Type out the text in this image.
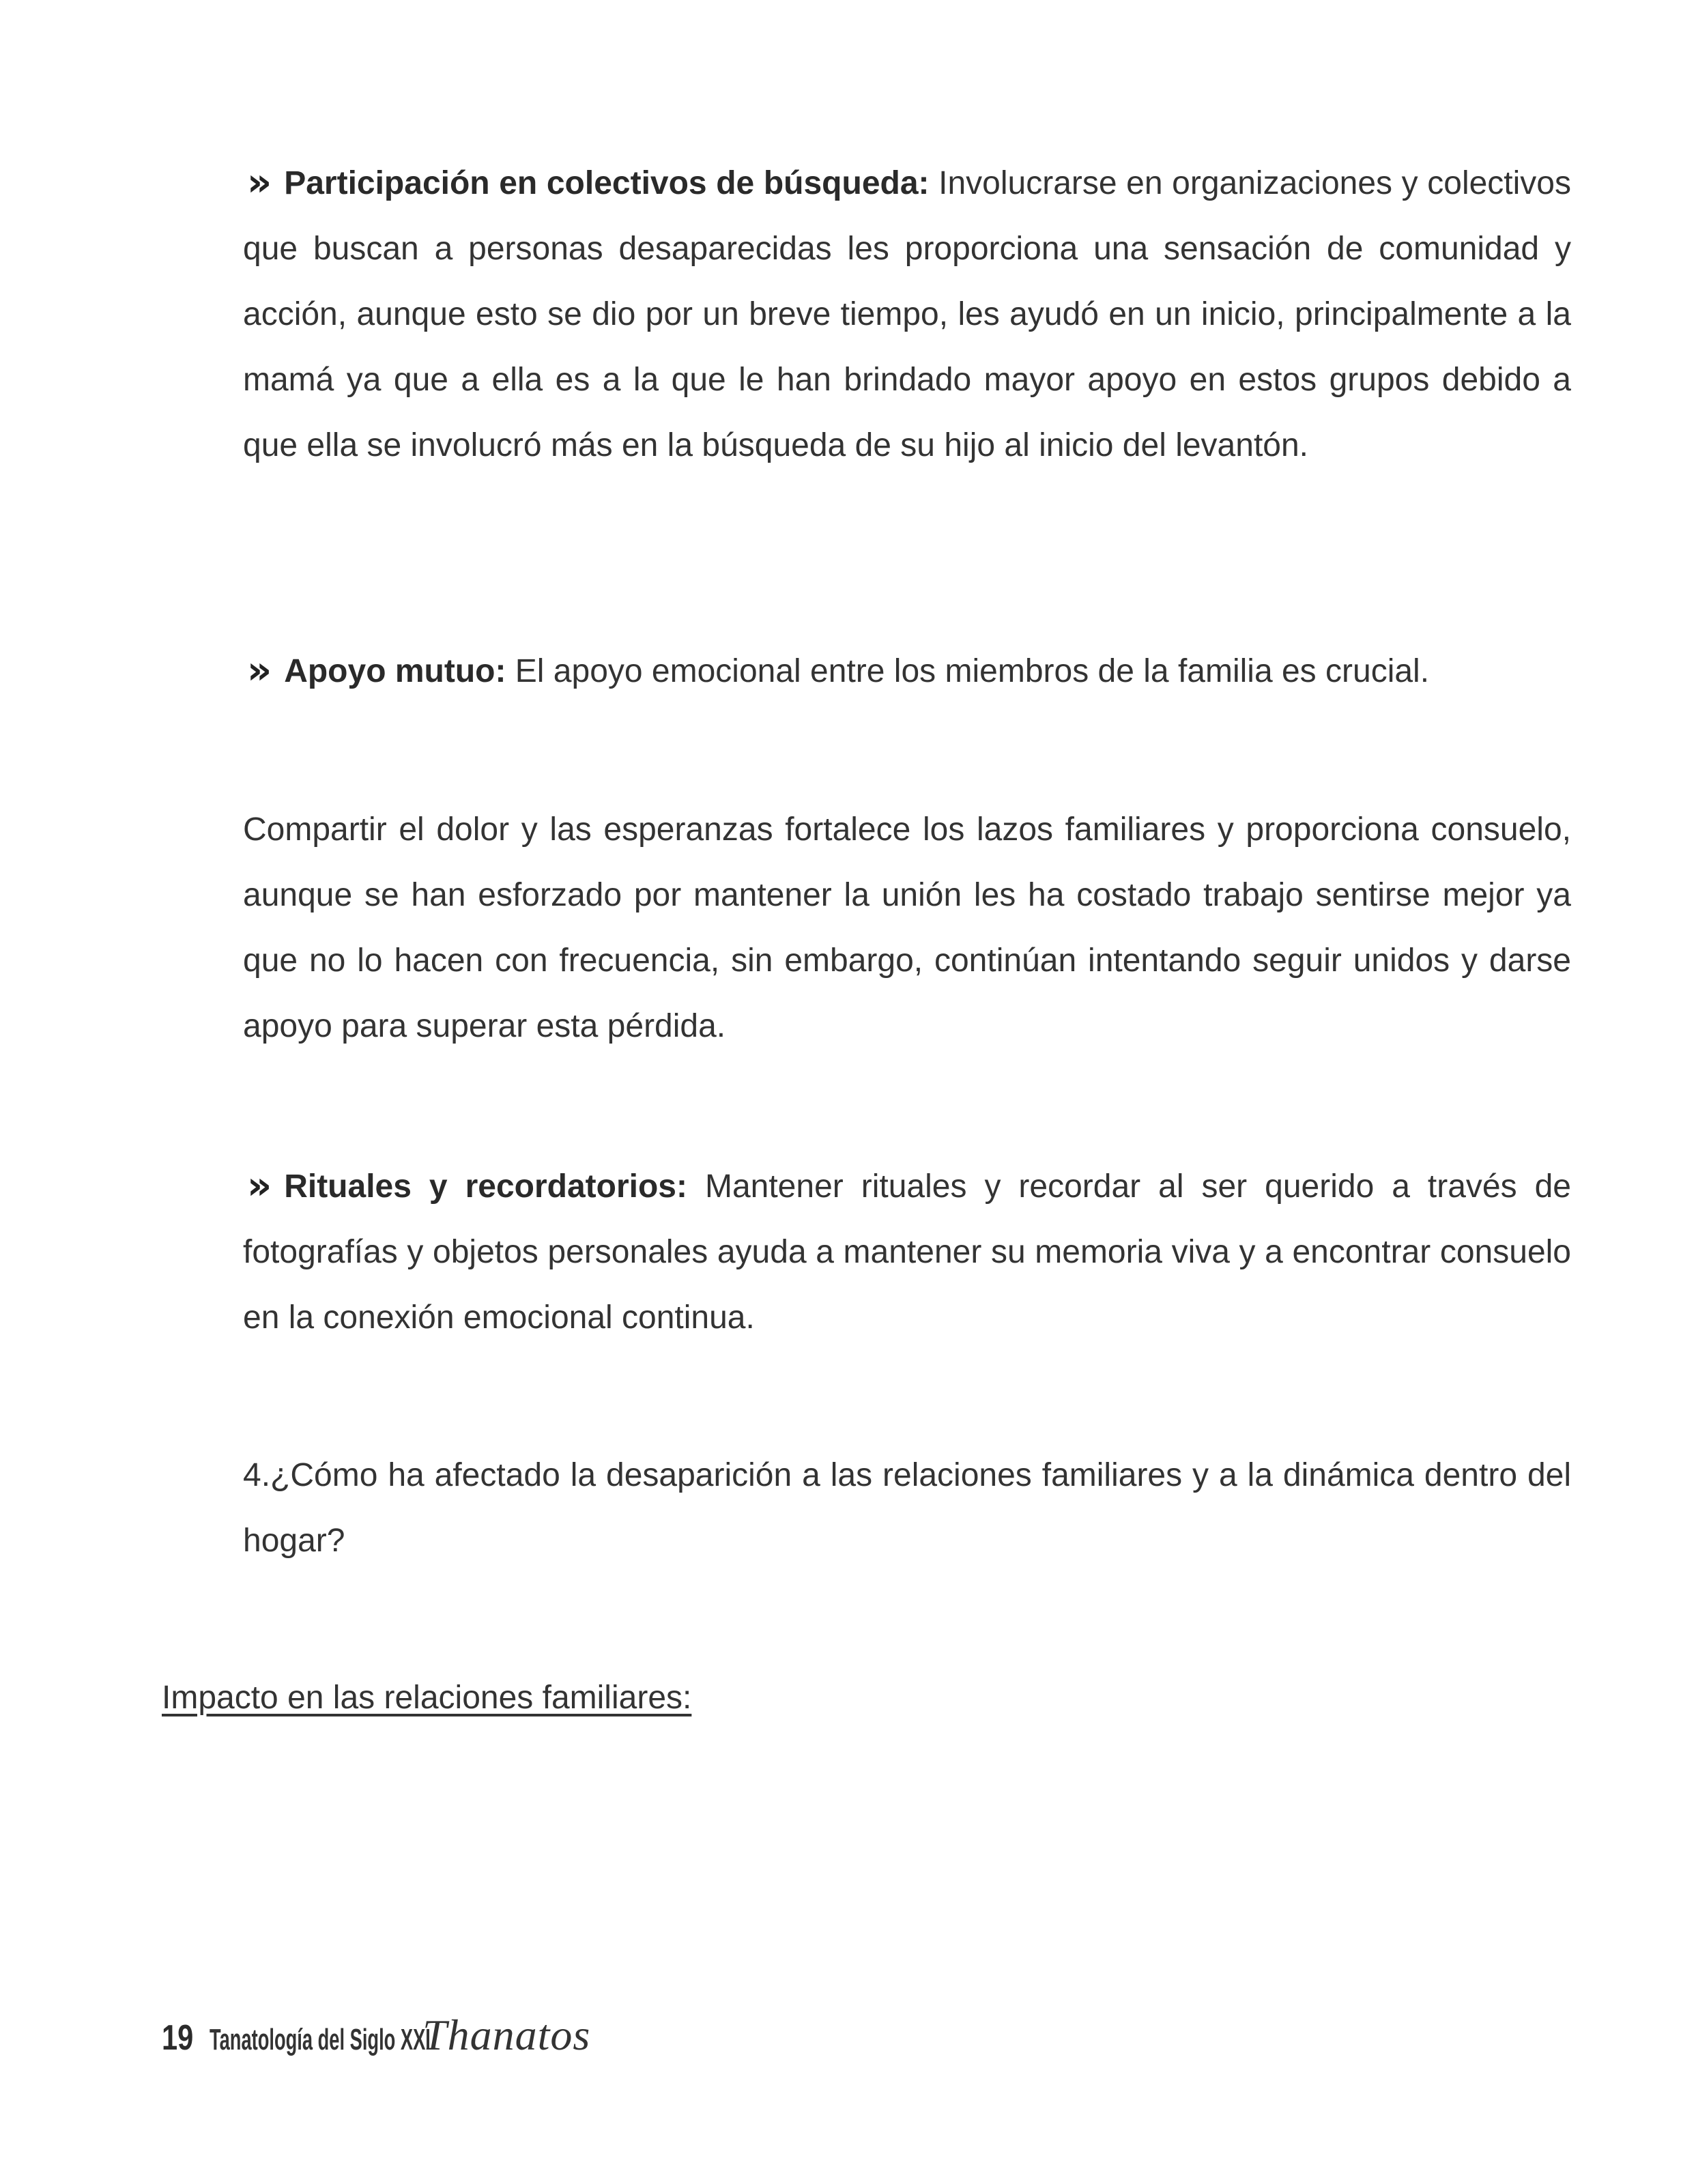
» Participación en colectivos de búsqueda: Involucrarse en organizaciones y colectivos que buscan a personas desaparecidas les proporciona una sensación de comunidad y acción, aunque esto se dio por un breve tiempo, les ayudó en un inicio, principalmente a la mamá ya que a ella es a la que le han brindado mayor apoyo en estos grupos debido a que ella se involucró más en la búsqueda de su hijo al inicio del levantón.
» Apoyo mutuo: El apoyo emocional entre los miembros de la familia es crucial.
Compartir el dolor y las esperanzas fortalece los lazos familiares y proporciona consuelo, aunque se han esforzado por mantener la unión les ha costado trabajo sentirse mejor ya que no lo hacen con frecuencia, sin embargo, continúan intentando seguir unidos y darse apoyo para superar esta pérdida.
» Rituales y recordatorios: Mantener rituales y recordar al ser querido a través de fotografías y objetos personales ayuda a mantener su memoria viva y a encontrar consuelo en la conexión emocional continua.
4.¿Cómo ha afectado la desaparición a las relaciones familiares y a la dinámica dentro del hogar?
Impacto en las relaciones familiares:
19 Tanatología del Siglo XXI
Thanatos
